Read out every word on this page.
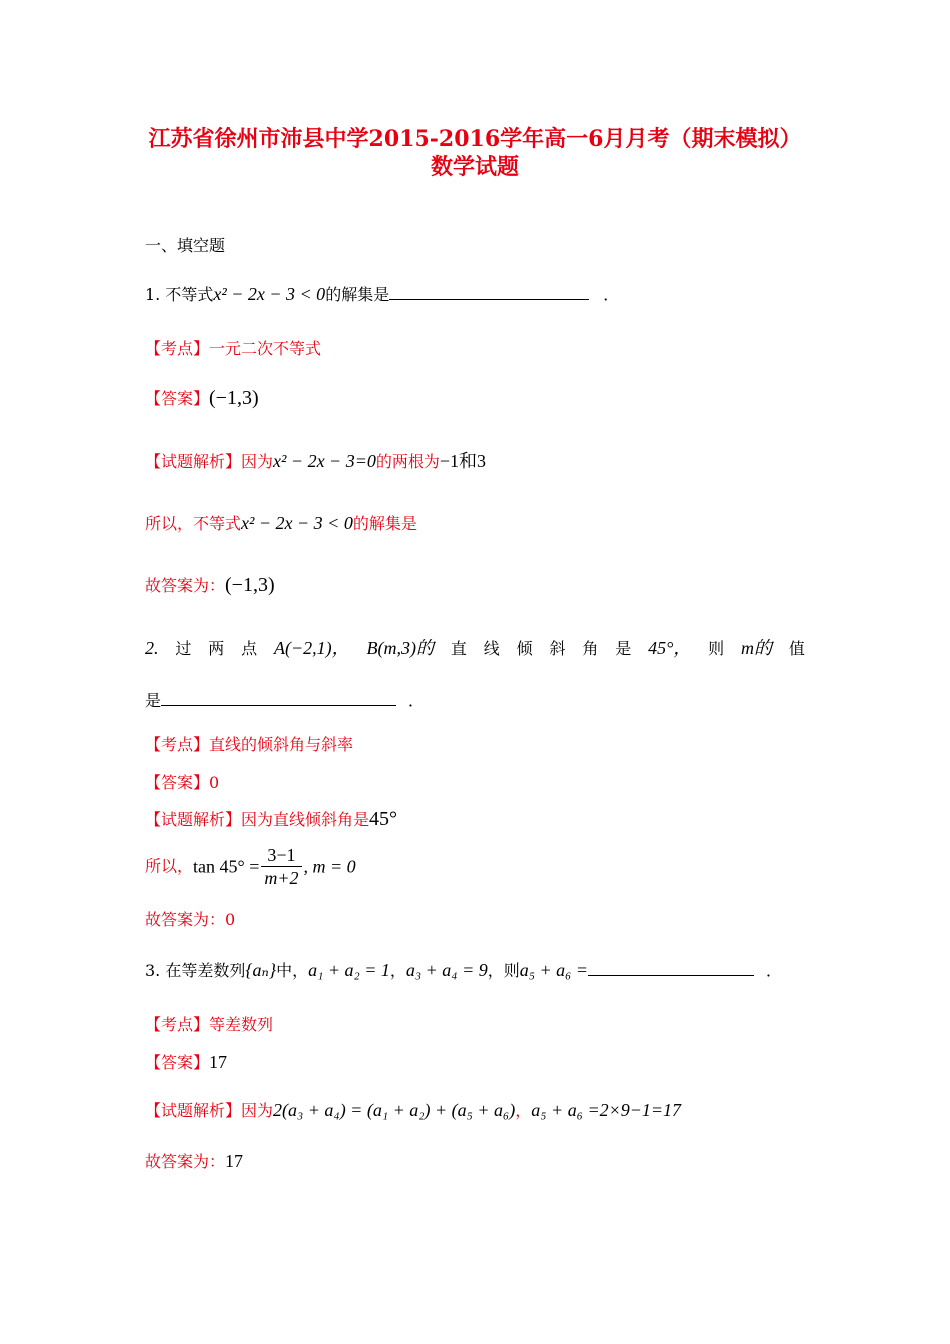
江苏省徐州市沛县中学2015-2016学年高一6月月考（期末模拟）
数学试题
一、填空题
1. 不等式x² − 2x − 3 < 0的解集是	．
【考点】一元二次不等式
【答案】(−1,3)
【试题解析】因为x² − 2x − 3=0的两根为−1和3
所以，不等式x² − 2x − 3 < 0的解集是
故答案为：(−1,3)
2. 过 两 点 A(−2,1)， B(m,3)的 直 线 倾 斜 角 是 45°， 则 m的 值
是	．
【考点】直线的倾斜角与斜率
【答案】0
【试题解析】因为直线倾斜角是45°
所以，$\tan 45^\circ = \frac{3-1}{m+2}$ , m = 0
故答案为：0
3. 在等差数列{aₙ}中，a₁ + a₂ = 1，a₃ + a₄ = 9，则a₅ + a₆ =	．
【考点】等差数列
【答案】17
【试题解析】因为2(a₃ + a₄) = (a₁ + a₂) + (a₅ + a₆)，a₅ + a₆ =2×9−1=17
故答案为：17
